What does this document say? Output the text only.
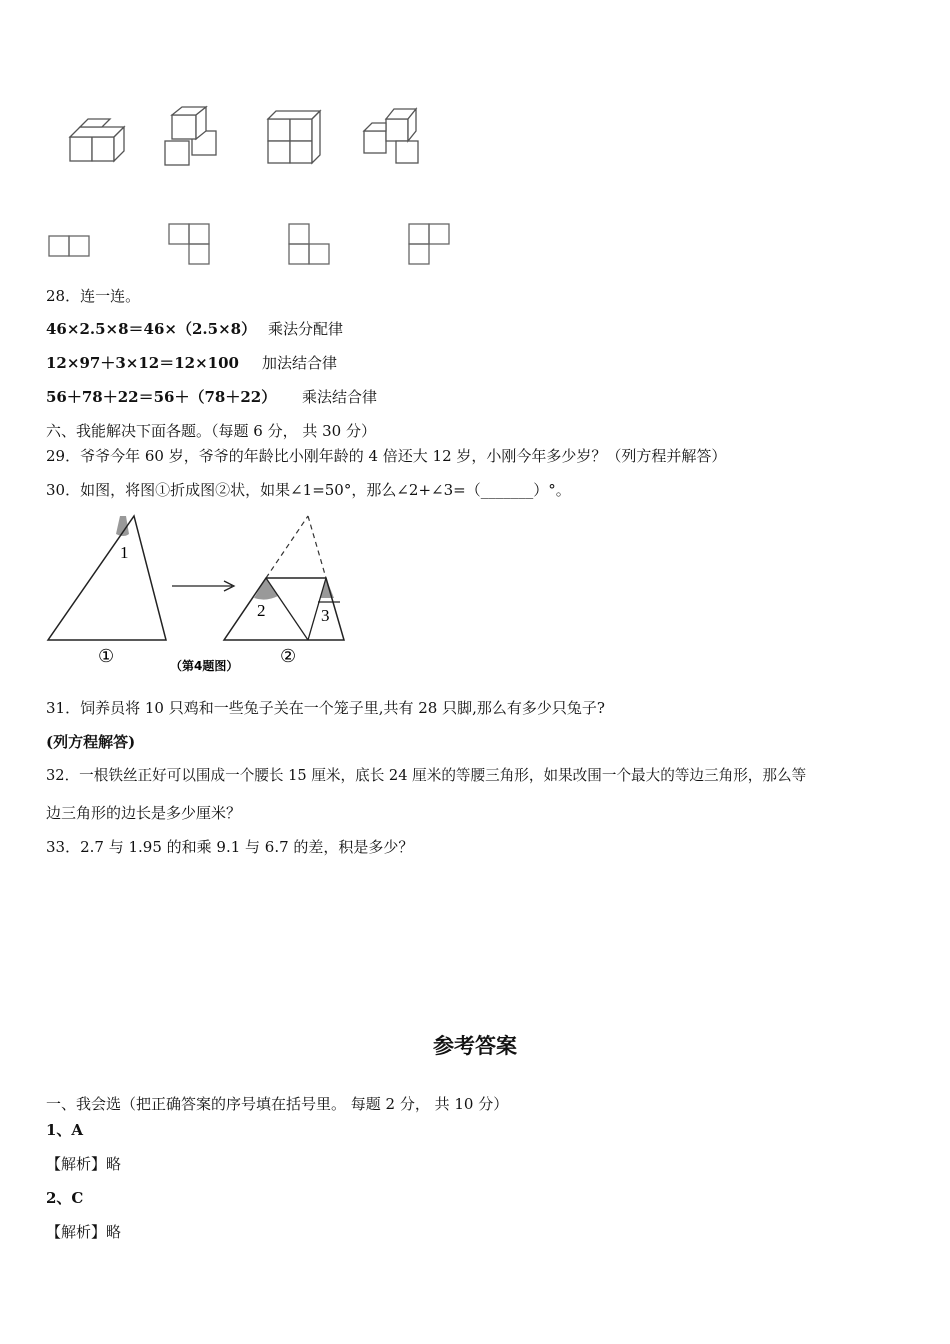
28．连一连。
46×2.5×8＝46×（2.5×8） 乘法分配律
12×97＋3×12＝12×100 加法结合律
56＋78＋22＝56＋（78＋22） 乘法结合律
六、我能解决下面各题。（每题 6 分， 共 30 分）
29．爷爷今年 60 岁，爷爷的年龄比小刚年龄的 4 倍还大 12 岁，小刚今年多少岁？（列方程并解答）
30．如图，将图①折成图②状，如果∠1=50°，那么∠2+∠3=（_______）°。
1
2	3
①	（第4题图） ②
31．饲养员将 10 只鸡和一些兔子关在一个笼子里,共有 28 只脚,那么有多少只兔子?
(列方程解答)
32．一根铁丝正好可以围成一个腰长 15 厘米，底长 24 厘米的等腰三角形，如果改围一个最大的等边三角形，那么等
边三角形的边长是多少厘米？
33．2.7 与 1.95 的和乘 9.1 与 6.7 的差，积是多少？
参考答案
一、我会选（把正确答案的序号填在括号里。 每题 2 分， 共 10 分）
1、A
【解析】略
2、C
【解析】略
